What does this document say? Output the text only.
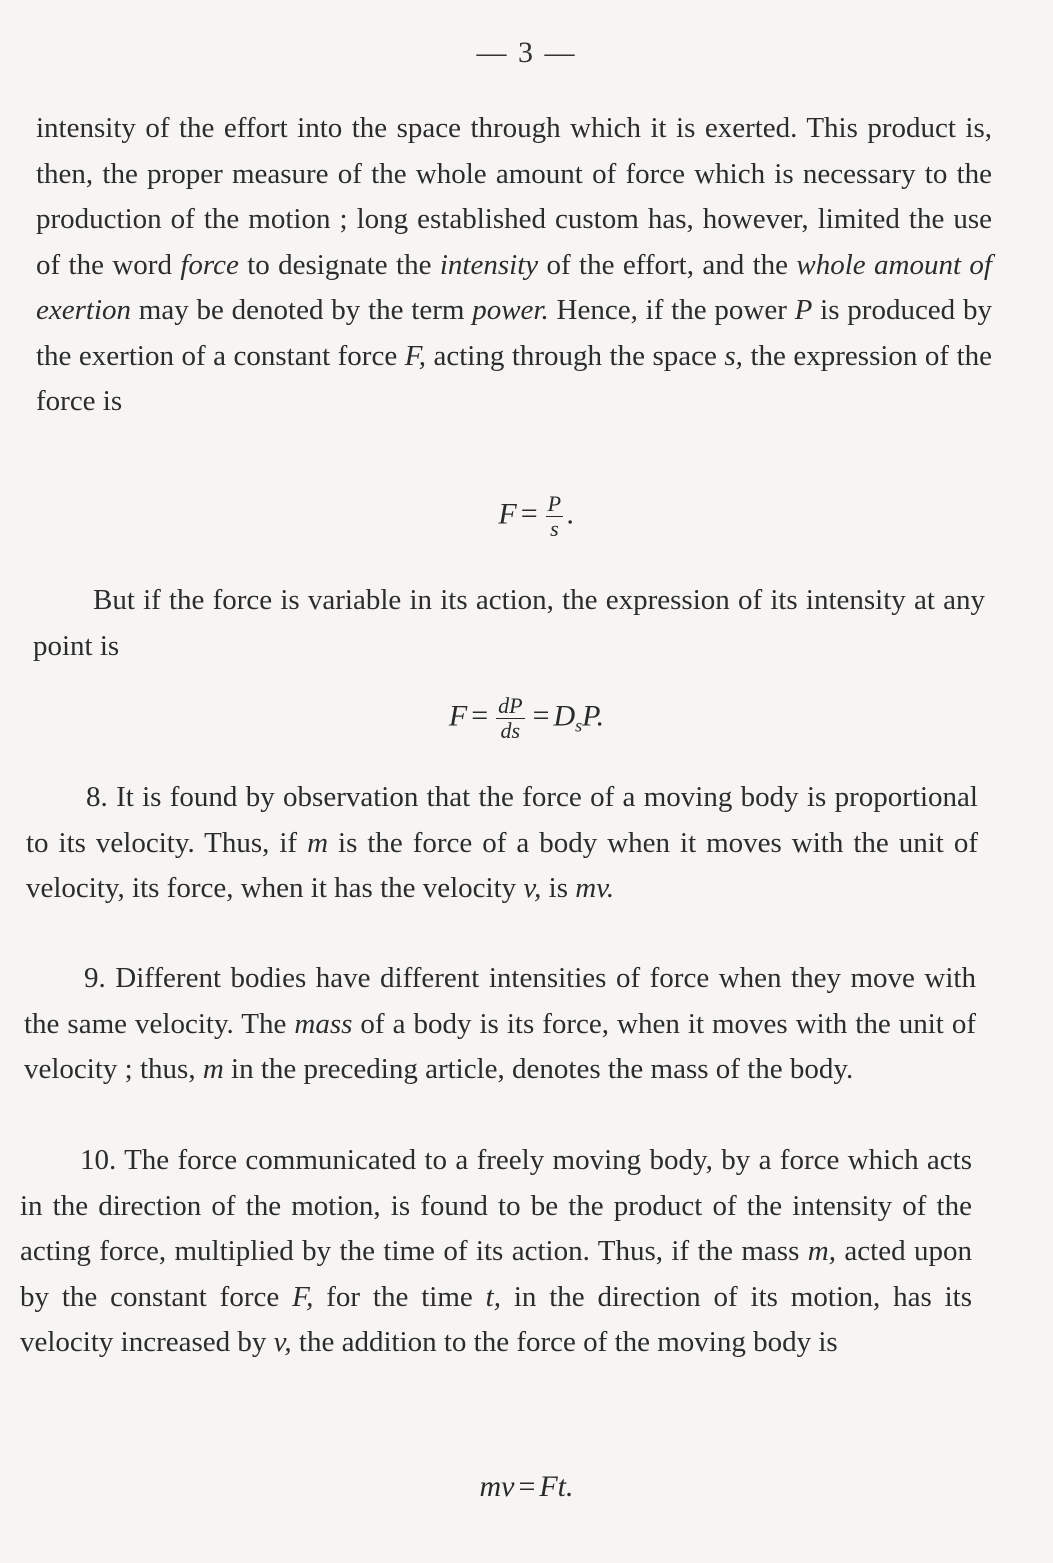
— 3 —

intensity of the effort into the space through which it is exerted. This product is, then, the proper measure of the whole amount of force which is necessary to the production of the motion ; long established custom has, however, limited the use of the word force to designate the intensity of the effort, and the whole amount of exertion may be denoted by the term power. Hence, if the power P is produced by the exertion of a constant force F, acting through the space s, the expression of the force is

$F = \frac{P}{s}$ .

But if the force is variable in its action, the expression of its intensity at any point is

$F = \frac{dP}{ds} = D_sP$.

8. It is found by observation that the force of a moving body is proportional to its velocity. Thus, if m is the force of a body when it moves with the unit of velocity, its force, when it has the velocity v, is mv.

9. Different bodies have different intensities of force when they move with the same velocity. The mass of a body is its force, when it moves with the unit of velocity ; thus, m in the preceding article, denotes the mass of the body.

10. The force communicated to a freely moving body, by a force which acts in the direction of the motion, is found to be the product of the intensity of the acting force, multiplied by the time of its action. Thus, if the mass m, acted upon by the constant force F, for the time t, in the direction of its motion, has its velocity increased by v, the addition to the force of the moving body is

mv = Ft.
